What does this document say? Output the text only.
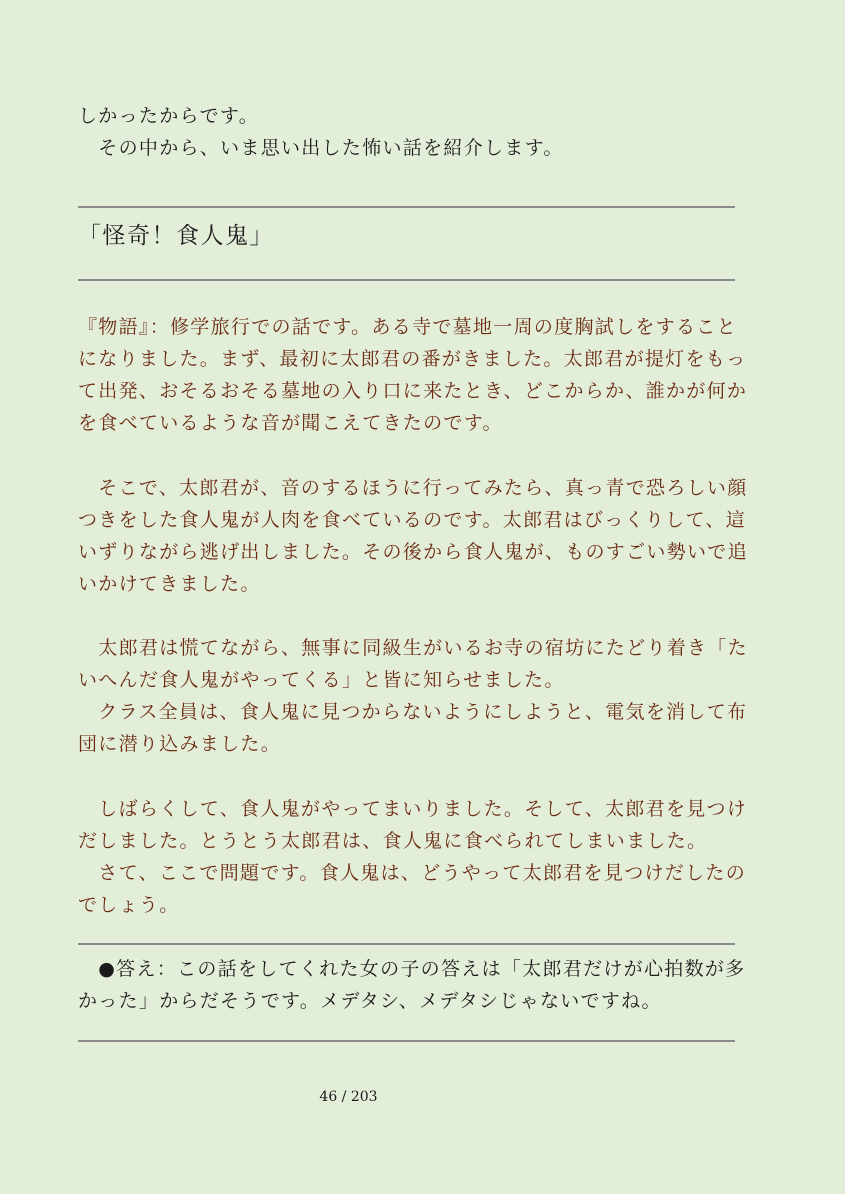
しかったからです。
　その中から、いま思い出した怖い話を紹介します。
「怪奇！食人鬼」
『物語』：修学旅行での話です。ある寺で墓地一周の度胸試しをすること
になりました。まず、最初に太郎君の番がきました。太郎君が提灯をもっ
て出発、おそるおそる墓地の入り口に来たとき、どこからか、誰かが何か
を食べているような音が聞こえてきたのです。
　そこで、太郎君が、音のするほうに行ってみたら、真っ青で恐ろしい顔
つきをした食人鬼が人肉を食べているのです。太郎君はびっくりして、這
いずりながら逃げ出しました。その後から食人鬼が、ものすごい勢いで追
いかけてきました。
　太郎君は慌てながら、無事に同級生がいるお寺の宿坊にたどり着き「た
いへんだ食人鬼がやってくる」と皆に知らせました。
　クラス全員は、食人鬼に見つからないようにしようと、電気を消して布
団に潜り込みました。
　しばらくして、食人鬼がやってまいりました。そして、太郎君を見つけ
だしました。とうとう太郎君は、食人鬼に食べられてしまいました。
　さて、ここで問題です。食人鬼は、どうやって太郎君を見つけだしたの
でしょう。
　●答え：この話をしてくれた女の子の答えは「太郎君だけが心拍数が多
かった」からだそうです。メデタシ、メデタシじゃないですね。
46 / 203
